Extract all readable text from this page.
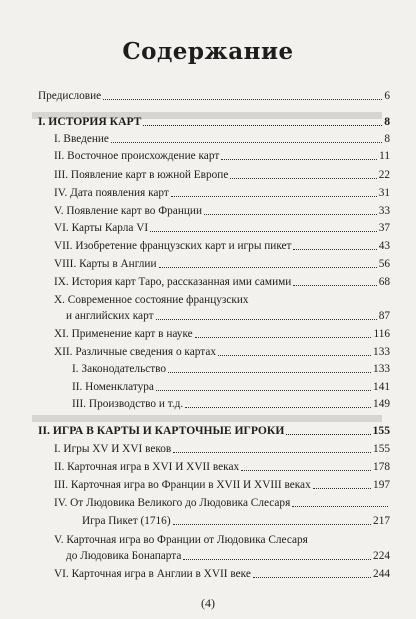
Содержание
Предисловие	6
I. ИСТОРИЯ КАРТ	8
I. Введение	8
II. Восточное происхождение карт	11
III. Появление карт в южной Европе	22
IV. Дата появления карт	31
V. Появление карт во Франции	33
VI. Карты Карла VI	37
VII. Изобретение французских карт и игры пикет	43
VIII. Карты в Англии	56
IX. История карт Таро, рассказанная ими самими	68
X. Современное состояние французских
и английских карт	87
XI. Применение карт в науке	116
XII. Различные сведения о картах	133
I. Законодательство	133
II. Номенклатура	141
III. Производство и т.д.	149
II. ИГРА В КАРТЫ И КАРТОЧНЫЕ ИГРОКИ	155
I. Игры XV И XVI веков	155
II. Карточная игра в XVI И XVII веках	178
III. Карточная игра во Франции в XVII И XVIII веках	197
IV. От Людовика Великого до Людовика Слесаря
Игра Пикет (1716)	217
V. Карточная игра во Франции от Людовика Слесаря
до Людовика Бонапарта	224
VI. Карточная игра в Англии в XVII веке	244
(4)
